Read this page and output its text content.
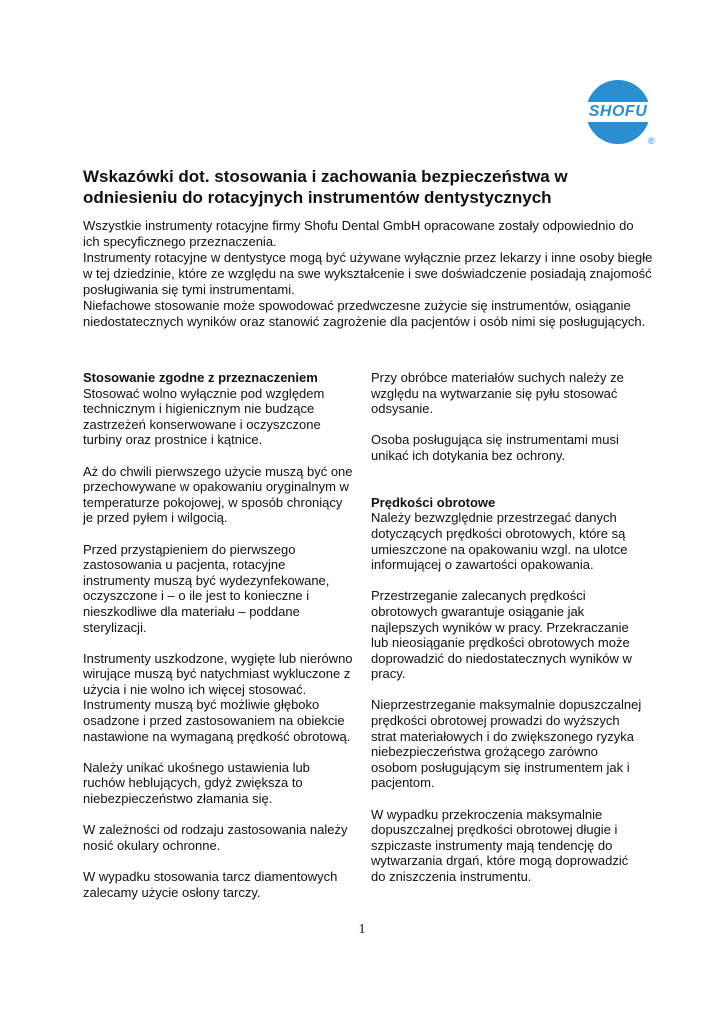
SHOFU
®
Wskazówki dot. stosowania i zachowania bezpieczeństwa w odniesieniu do rotacyjnych instrumentów dentystycznych

Wszystkie instrumenty rotacyjne firmy Shofu Dental GmbH opracowane zostały odpowiednio do ich specyficznego przeznaczenia.

Instrumenty rotacyjne w dentystyce mogą być używane wyłącznie przez lekarzy i inne osoby biegłe w tej dziedzinie, które ze względu na swe wykształcenie i swe doświadczenie posiadają znajomość posługiwania się tymi instrumentami.

Niefachowe stosowanie może spowodować przedwczesne zużycie się instrumentów, osiąganie niedostatecznych wyników oraz stanowić zagrożenie dla pacjentów i osób nimi się posługujących.

Stosowanie zgodne z przeznaczeniem

Stosować wolno wyłącznie pod względem technicznym i higienicznym nie budzące zastrzeżeń konserwowane i oczyszczone turbiny oraz prostnice i kątnice.

Aż do chwili pierwszego użycie muszą być one przechowywane w opakowaniu oryginalnym w temperaturze pokojowej, w sposób chroniący je przed pyłem i wilgocią.

Przed przystąpieniem do pierwszego zastosowania u pacjenta, rotacyjne instrumenty muszą być wydezynfekowane, oczyszczone i – o ile jest to konieczne i nieszkodliwe dla materiału – poddane sterylizacji.

Instrumenty uszkodzone, wygięte lub nierówno wirujące muszą być natychmiast wykluczone z użycia i nie wolno ich więcej stosować. Instrumenty muszą być możliwie głęboko osadzone i przed zastosowaniem na obiekcie nastawione na wymaganą prędkość obrotową.

Należy unikać ukośnego ustawienia lub ruchów heblujących, gdyż zwiększa to niebezpieczeństwo złamania się.

W zależności od rodzaju zastosowania należy nosić okulary ochronne.

W wypadku stosowania tarcz diamentowych zalecamy użycie osłony tarczy.

Przy obróbce materiałów suchych należy ze względu na wytwarzanie się pyłu stosować odsysanie.

Osoba posługująca się instrumentami musi unikać ich dotykania bez ochrony.

Prędkości obrotowe

Należy bezwzględnie przestrzegać danych dotyczących prędkości obrotowych, które są umieszczone na opakowaniu wzgl. na ulotce informującej o zawartości opakowania.

Przestrzeganie zalecanych prędkości obrotowych gwarantuje osiąganie jak najlepszych wyników w pracy. Przekraczanie lub nieosiąganie prędkości obrotowych może doprowadzić do niedostatecznych wyników w pracy.

Nieprzestrzeganie maksymalnie dopuszczalnej prędkości obrotowej prowadzi do wyższych strat materiałowych i do zwiększonego ryzyka niebezpieczeństwa grożącego zarówno osobom posługującym się instrumentem jak i pacjentom.

W wypadku przekroczenia maksymalnie dopuszczalnej prędkości obrotowej długie i szpiczaste instrumenty mają tendencję do wytwarzania drgań, które mogą doprowadzić do zniszczenia instrumentu.

1
